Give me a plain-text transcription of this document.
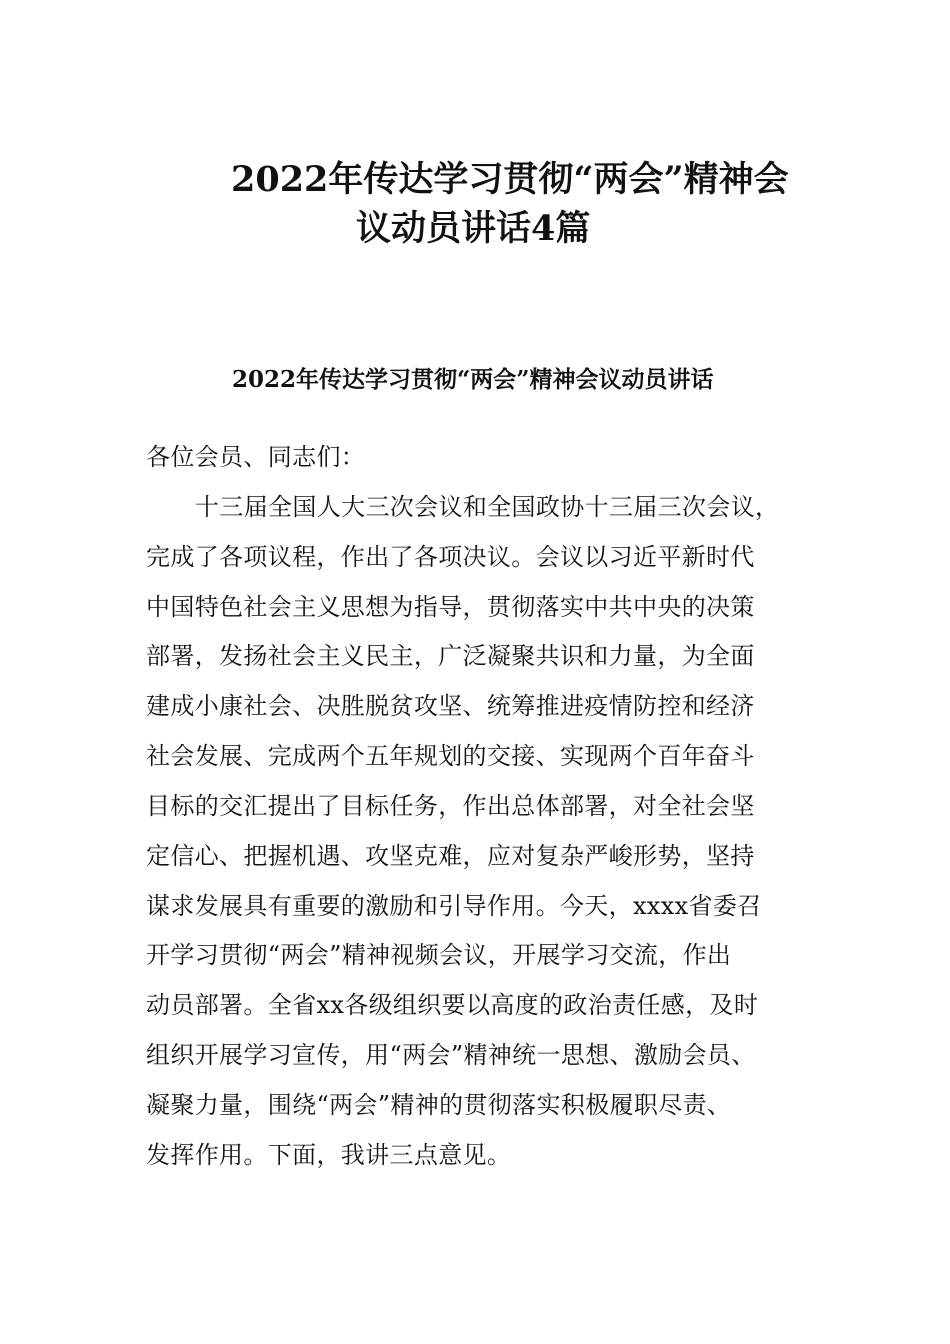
2022年传达学习贯彻“两会”精神会
议动员讲话4篇
2022年传达学习贯彻“两会”精神会议动员讲话

各位会员、同志们：

十三届全国人大三次会议和全国政协十三届三次会议，

完成了各项议程，作出了各项决议。会议以习近平新时代

中国特色社会主义思想为指导，贯彻落实中共中央的决策

部署，发扬社会主义民主，广泛凝聚共识和力量，为全面

建成小康社会、决胜脱贫攻坚、统筹推进疫情防控和经济

社会发展、完成两个五年规划的交接、实现两个百年奋斗

目标的交汇提出了目标任务，作出总体部署，对全社会坚

定信心、把握机遇、攻坚克难，应对复杂严峻形势，坚持

谋求发展具有重要的激励和引导作用。今天，xxxx省委召

开学习贯彻“两会”精神视频会议，开展学习交流，作出

动员部署。全省xx各级组织要以高度的政治责任感，及时

组织开展学习宣传，用“两会”精神统一思想、激励会员、

凝聚力量，围绕“两会”精神的贯彻落实积极履职尽责、

发挥作用。下面，我讲三点意见。
